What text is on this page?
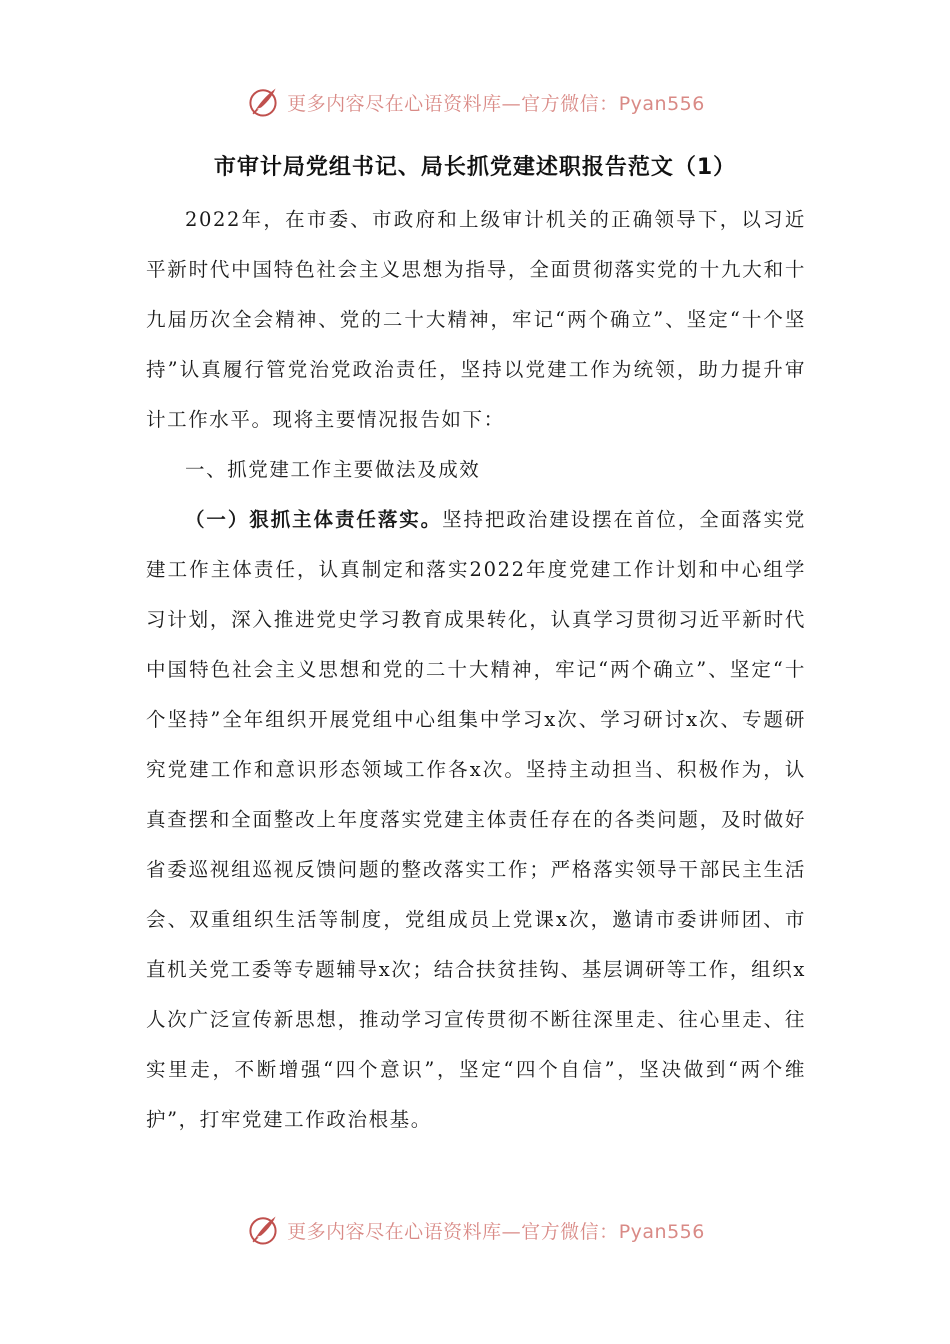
更多内容尽在心语资料库—官方微信：Pyan556
市审计局党组书记、局长抓党建述职报告范文（1）

2022年，在市委、市政府和上级审计机关的正确领导下，以习近平新时代中国特色社会主义思想为指导，全面贯彻落实党的十九大和十九届历次全会精神、党的二十大精神，牢记“两个确立”、坚定“十个坚持”认真履行管党治党政治责任，坚持以党建工作为统领，助力提升审计工作水平。现将主要情况报告如下：

一、抓党建工作主要做法及成效

（一）狠抓主体责任落实。坚持把政治建设摆在首位，全面落实党建工作主体责任，认真制定和落实2022年度党建工作计划和中心组学习计划，深入推进党史学习教育成果转化，认真学习贯彻习近平新时代中国特色社会主义思想和党的二十大精神，牢记“两个确立”、坚定“十个坚持”全年组织开展党组中心组集中学习x次、学习研讨x次、专题研究党建工作和意识形态领域工作各x次。坚持主动担当、积极作为，认真查摆和全面整改上年度落实党建主体责任存在的各类问题，及时做好省委巡视组巡视反馈问题的整改落实工作；严格落实领导干部民主生活会、双重组织生活等制度，党组成员上党课x次，邀请市委讲师团、市直机关党工委等专题辅导x次；结合扶贫挂钩、基层调研等工作，组织x人次广泛宣传新思想，推动学习宣传贯彻不断往深里走、往心里走、往实里走，不断增强“四个意识”，坚定“四个自信”，坚决做到“两个维护”，打牢党建工作政治根基。

更多内容尽在心语资料库—官方微信：Pyan556
